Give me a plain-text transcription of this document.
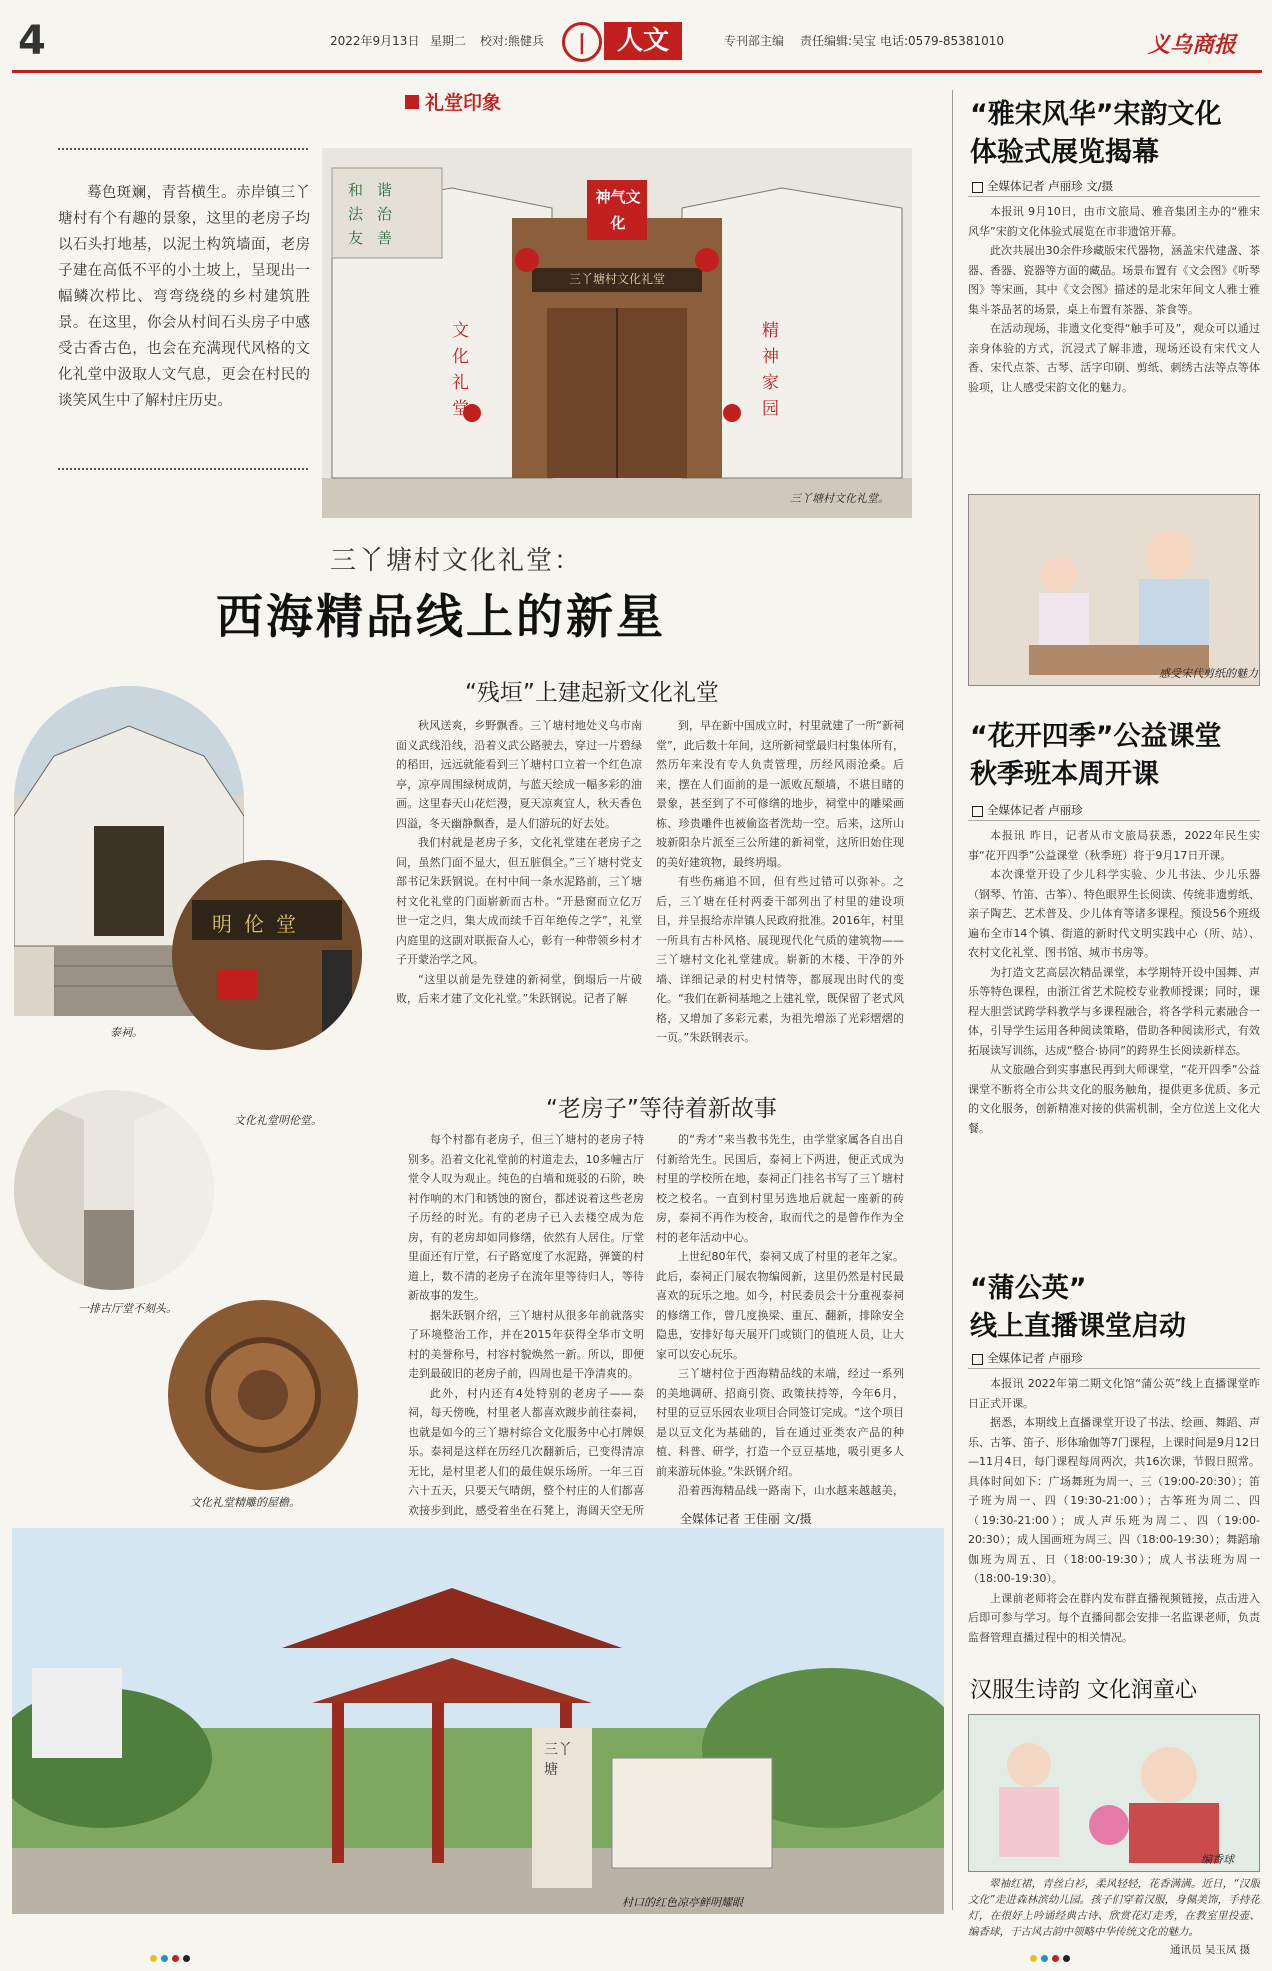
4	2022年9月13日 星期二 校对:熊健兵	丨 人文	专刊部主编 责任编辑:吴宝 电话:0579-85381010	义乌商报
礼堂印象
蓦色斑斓，青苔横生。赤岸镇三丫塘村有个有趣的景象，这里的老房子均以石头打地基，以泥土构筑墙面，老房子建在高低不平的小土坡上，呈现出一幅鳞次栉比、弯弯绕绕的乡村建筑胜景。在这里，你会从村间石头房子中感受古香古色，也会在充满现代风格的文化礼堂中汲取人文气息，更会在村民的谈笑风生中了解村庄历史。
和谐 法治 友善
神气文化
三丫塘村文化礼堂
文化礼堂
精神家园
三丫塘村文化礼堂。
三丫塘村文化礼堂：
西海精品线上的新星
泰祠。
明伦堂
文化礼堂明伦堂。
一排古厅堂不刻头。
文化礼堂精雕的屋檐。
“残垣”上建起新文化礼堂

秋风送爽，乡野飘香。三丫塘村地处义乌市南面义武线沿线，沿着义武公路驶去，穿过一片碧绿的稻田，远远就能看到三丫塘村口立着一个红色凉亭，凉亭周围绿树成荫，与蓝天绘成一幅多彩的油画。这里春天山花烂漫，夏天凉爽宜人，秋天香色四溢，冬天幽静飘香，是人们游玩的好去处。

我们村就是老房子多，文化礼堂建在老房子之间，虽然门面不显大，但五脏俱全。”三丫塘村党支部书记朱跃钢说。在村中间一条水泥路前，三丫塘村文化礼堂的门面崭新而古朴。“开悬窗而立亿万世一定之归，集大成而续千百年绝传之学”，礼堂内庭里的这副对联振奋人心，彰有一种带领乡村才子开蒙治学之风。

“这里以前是先登建的新祠堂，倒塌后一片破败，后来才建了文化礼堂。”朱跃钢说。记者了解

到，早在新中国成立时，村里就建了一所“新祠堂”，此后数十年间，这所新祠堂最归村集体所有，然历年来没有专人负责管理，历经风雨沧桑。后来，摆在人们面前的是一派败瓦颓墙，不堪目睹的景象，甚至到了不可修缮的地步，祠堂中的雕梁画栋、珍贵雕件也被偷盗者洗劫一空。后来，这所山坡新阳杂片派至三公所建的新祠堂，这所旧始住现的美好建筑物，最终坍塌。

有些伤痛追不回，但有些过错可以弥补。之后，三丫塘在任村两委干部列出了村里的建设项目，并呈报给赤岸镇人民政府批准。2016年，村里一所具有古朴风格、展现现代化气质的建筑物——三丫塘村文化礼堂建成。崭新的木楼、干净的外墙、详细记录的村史村情等，都展现出时代的变化。“我们在新祠基地之上建礼堂，既保留了老式风格，又增加了多彩元素，为祖先增添了光彩熠熠的一页。”朱跃钢表示。

“老房子”等待着新故事

每个村都有老房子，但三丫塘村的老房子特别多。沿着文化礼堂前的村道走去，10多幢古厅堂令人叹为观止。纯色的白墙和斑驳的石阶，映衬作响的木门和锈蚀的窗台，都述说着这些老房子历经的时光。有的老房子已入去楼空成为危房，有的老房却如同修缮，依然有人居住。厅堂里面还有厅堂，石子路宽度了水泥路，弹簧的村道上，数不清的老房子在流年里等待归人，等待新故事的发生。

据朱跃钢介绍，三丫塘村从很多年前就落实了环境整治工作，并在2015年获得全华市文明村的美誉称号，村容村貌焕然一新。所以，即便走到最破旧的老房子前，四周也是干净清爽的。

此外，村内还有4处特别的老房子——泰祠，每天傍晚，村里老人都喜欢踱步前往泰祠，也就是如今的三丫塘村综合文化服务中心打牌娱乐。泰祠是这样在历经几次翻新后，已变得清凉无比，是村里老人们的最佳娱乐场所。一年三百六十五天，只要天气晴朗，整个村庄的人们都喜欢接步到此，感受着坐在石凳上，海阔天空无所

的“秀才”来当教书先生，由学堂家属各自出自付新给先生。民国后，泰祠上下两进，便正式成为村里的学校所在地，泰祠正门挂名书写了三丫塘村校之校名。一直到村里另选地后就起一座新的砖房，泰祠不再作为校舍，取而代之的是曾作作为全村的老年活动中心。

上世纪80年代，泰祠又成了村里的老年之家。此后，泰祠正门展农物编阅新，这里仍然是村民最喜欢的玩乐之地。如今，村民委员会十分重视泰祠的修缮工作，曾几度换梁、重瓦、翻新，排除安全隐患，安排好每天展开门或锁门的值班人员，让大家可以安心玩乐。

三丫塘村位于西海精品线的末端，经过一系列的美地调研、招商引资、政策扶持等，今年6月，村里的豆豆乐园农业项目合同签订完成。“这个项目是以豆文化为基础的，旨在通过亚类农产品的种植、科普、研学，打造一个豆豆基地，吸引更多人前来游玩体验。”朱跃钢介绍。

沿着西海精品线一路南下，山水越来越越美，

全媒体记者 王佳丽 文/摄
三丫塘
村口的红色凉亭鲜明耀眼
“雅宋风华”宋韵文化
体验式展览揭幕
全媒体记者 卢丽珍 文/摄

本报讯 9月10日，由市文旅局、雅音集团主办的“雅宋风华”宋韵文化体验式展览在市非遗馆开幕。

此次共展出30余件珍藏版宋代器物，涵盖宋代建盏、茶器、香器、瓷器等方面的藏品。场景布置有《文会图》《听琴图》等宋画，其中《文会图》描述的是北宋年间文人雅士雅集斗茶品茗的场景，桌上布置有茶器、茶食等。

在活动现场，非遗文化变得“触手可及”，观众可以通过亲身体验的方式，沉浸式了解非遗，现场还设有宋代文人香、宋代点茶、古琴、活字印刷、剪纸、刺绣古法等点等体验项，让人感受宋韵文化的魅力。

感受宋代剪纸的魅力
“花开四季”公益课堂
秋季班本周开课
全媒体记者 卢丽珍

本报讯 昨日，记者从市文旅局获悉，2022年民生实事“花开四季”公益课堂（秋季班）将于9月17日开课。

本次课堂开设了少儿科学实验、少儿书法、少儿乐器（钢琴、竹笛、古筝）、特色眼界生长阅读、传统非遗剪纸、亲子陶艺、艺术普及、少儿体育等诸多课程。预设56个班级遍布全市14个镇、街道的新时代文明实践中心（所、站）、农村文化礼堂、图书馆、城市书房等。

为打造文艺高层次精品课堂，本学期特开设中国舞、声乐等特色课程，由浙江省艺术院校专业教师授课；同时，课程大胆尝试跨学科教学与多课程融合，将各学科元素融合一体，引导学生运用各种阅读策略，借助各种阅读形式，有效拓展读写训练，达成“整合·协同”的跨界生长阅读新样态。

从文旅融合到实事惠民再到大师课堂，“花开四季”公益课堂不断将全市公共文化的服务触角，提供更多优质、多元的文化服务，创新精准对接的供需机制，全方位送上文化大餐。

“蒲公英”
线上直播课堂启动
全媒体记者 卢丽珍

本报讯 2022年第二期文化馆“蒲公英”线上直播课堂昨日正式开课。

据悉，本期线上直播课堂开设了书法、绘画、舞蹈、声乐、古筝、笛子、形体瑜伽等7门课程，上课时间是9月12日—11月4日，每门课程每周两次，共16次课，节假日照常。具体时间如下：广场舞班为周一、三（19:00-20:30）；笛子班为周一、四（19:30-21:00）；古筝班为周二、四（19:30-21:00）；成人声乐班为周二、四（19:00-20:30）；成人国画班为周三、四（18:00-19:30）；舞蹈瑜伽班为周五、日（18:00-19:30）；成人书法班为周一（18:00-19:30）。

上课前老师将会在群内发布群直播视频链接，点击进入后即可参与学习。每个直播间都会安排一名监课老师，负责监督管理直播过程中的相关情况。

汉服生诗韵 文化润童心
编香球

翠袖红裙，青丝白衫，柔风轻轻，花香满满。近日，“汉服文化”走进森林滨幼儿园。孩子们穿着汉服，身佩美饰，手持花灯，在很好上吟诵经典古诗、欣赏花灯走秀，在教室里投壶、编香球，于古风古韵中领略中华传统文化的魅力。

通讯员 吴玉凤 摄
